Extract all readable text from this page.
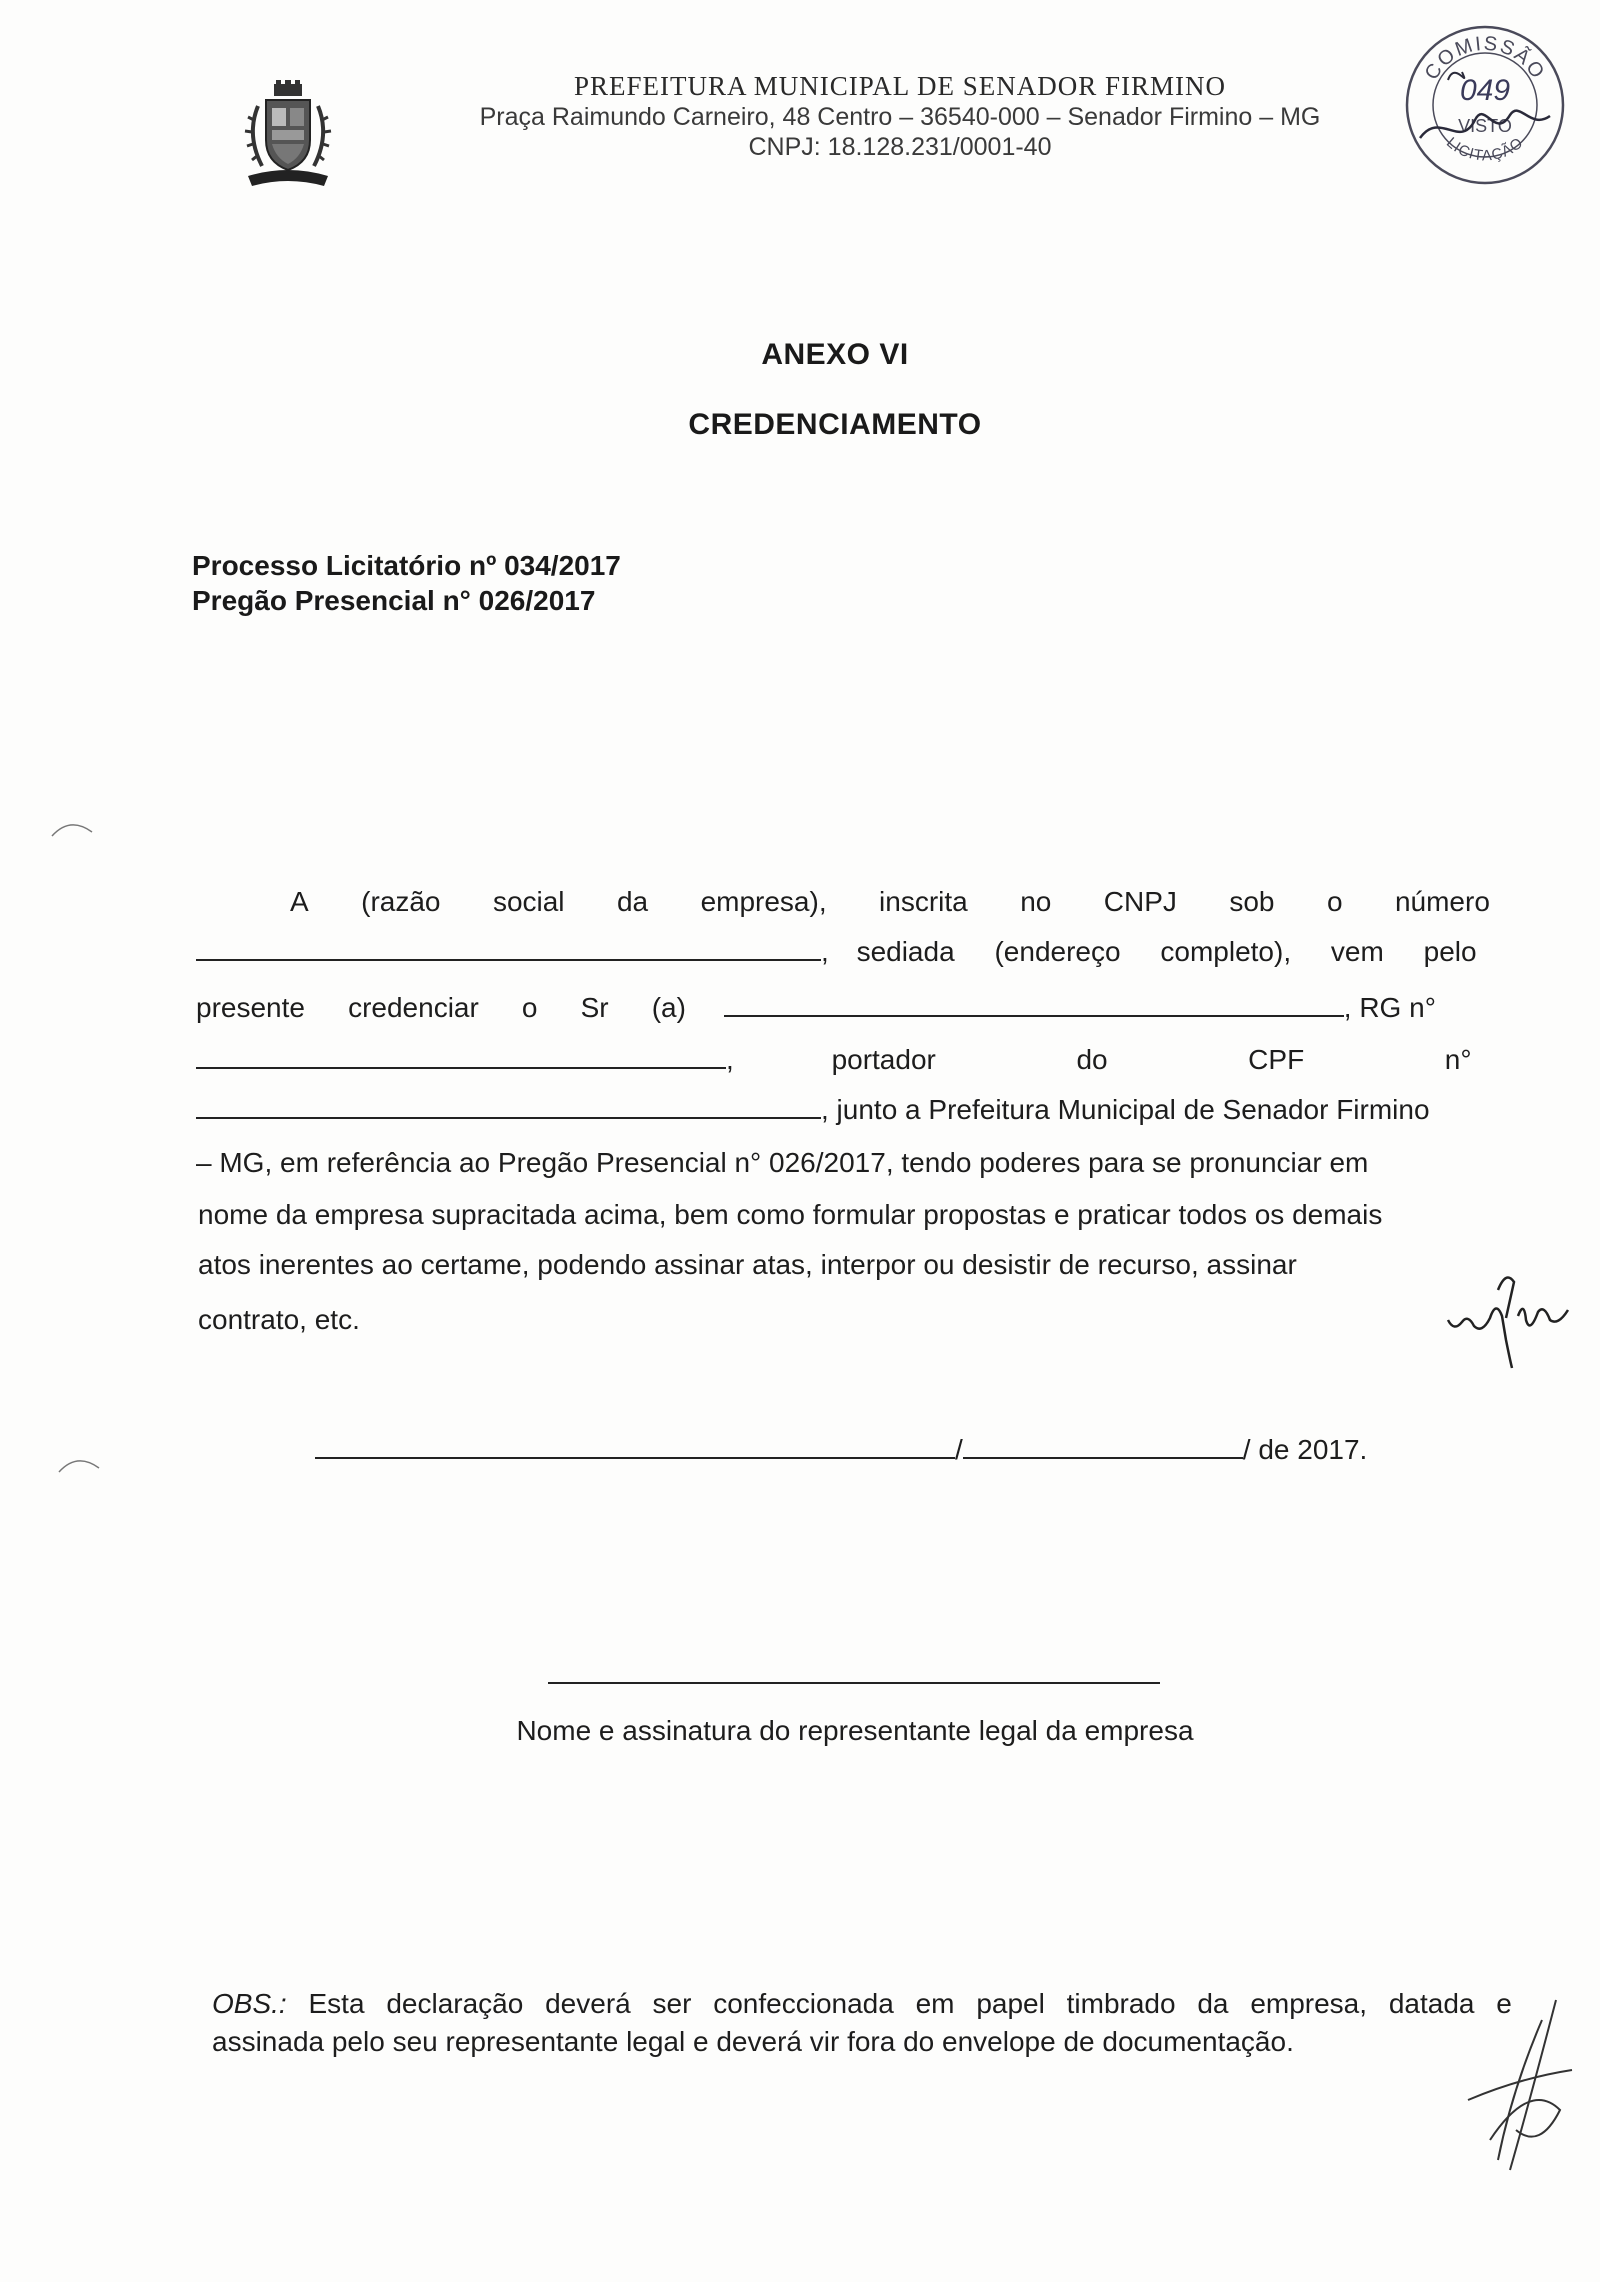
PREFEITURA MUNICIPAL DE SENADOR FIRMINO
Praça Raimundo Carneiro, 48 Centro – 36540-000 – Senador Firmino – MG
CNPJ: 18.128.231/0001-40
COMISSÃO
049
VISTO
LICITAÇÃO
ANEXO VI
CREDENCIAMENTO
Processo Licitatório nº 034/2017
Pregão Presencial n° 026/2017
A (razão social da empresa), inscrita no CNPJ sob o número
, sediada (endereço completo), vem pelo
presente credenciar o Sr (a)	, RG n°
,	portador	do	CPF	n°
, junto a Prefeitura Municipal de Senador Firmino
– MG, em referência ao Pregão Presencial n° 026/2017, tendo poderes para se pronunciar em
nome da empresa supracitada acima, bem como formular propostas e praticar todos os demais
atos inerentes ao certame, podendo assinar atas, interpor ou desistir de recurso, assinar
contrato, etc.
/	/ de 2017.
Nome e assinatura do representante legal da empresa
OBS.: Esta declaração deverá ser confeccionada em papel timbrado da empresa, datada e
assinada pelo seu representante legal e deverá vir fora do envelope de documentação.
